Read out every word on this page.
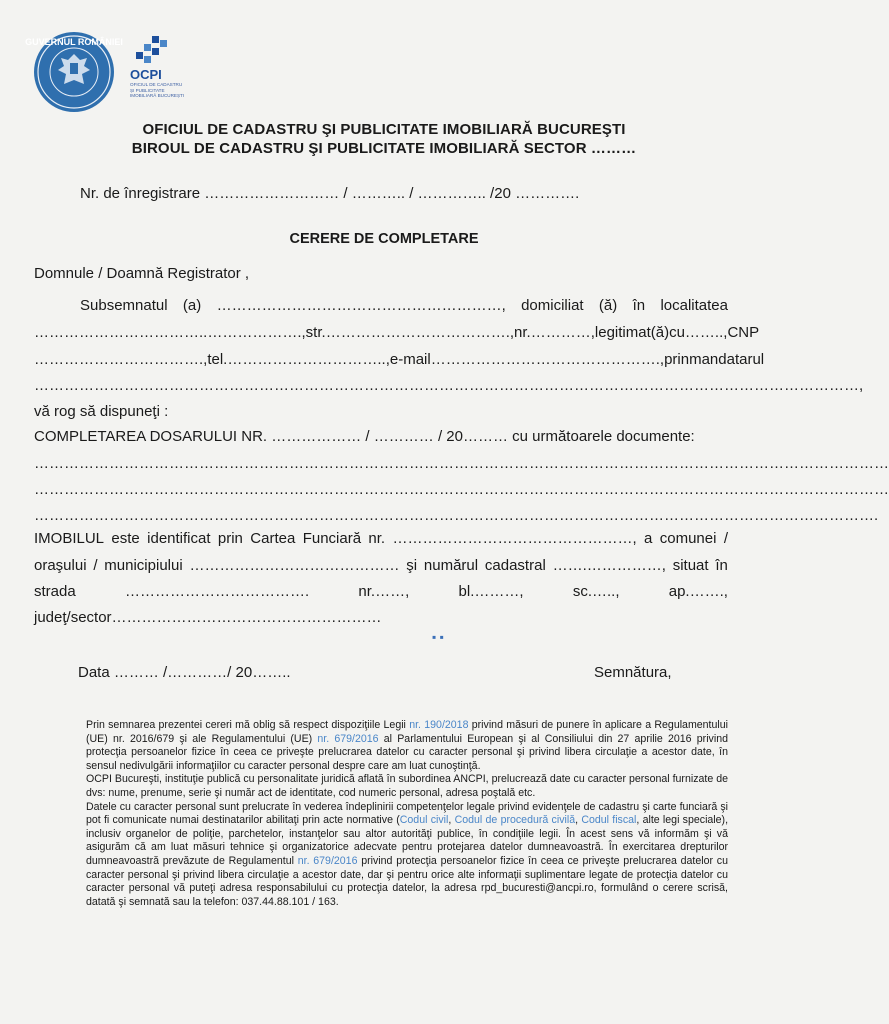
GUVERNUL ROMÂNIEI
OCPI
OFICIUL DE CADASTRU ȘI PUBLICITATE IMOBILIARĂ BUCUREȘTI
OFICIUL DE CADASTRU ŞI PUBLICITATE IMOBILIARĂ BUCUREŞTI
BIROUL DE CADASTRU ŞI PUBLICITATE IMOBILIARĂ SECTOR ………
Nr. de înregistrare ……………………… / ……….. / ………….. /20 ………….
CERERE DE COMPLETARE
Domnule / Doamnă Registrator ,
Subsemnatul (a) …………………………………………………, domiciliat (ă) în localitatea
……………………………..………………., str. ………………………………., nr. …………, legitimat(ă) cu …….., CNP
……………………………., tel. ………………………….., e-mail………………………………………., prin mandatarul
…………………………………………………………………………………………………………………………………………………,
vă rog să dispuneţi :
COMPLETAREA DOSARULUI NR. ……………… / ………… / 20……… cu următoarele documente:
………………………………………………………………………………………………………………………………………………………
………………………………………………………………………………………………………………………………………………………
…………………………………………………………………………………………………………………………………………………….
IMOBILUL este identificat prin Cartea Funciară nr. …………………………………………, a comunei /
oraşului / municipiului …………………………………… şi numărul cadastral …….……………, situat în
strada	……………………………….	nr.……,	bl.………,	sc.…..,	ap.…….,
judeţ/sector………………………………………………
▪ ▪
Data ……… /…………/ 20……..	Semnătura,

Prin semnarea prezentei cereri mă oblig să respect dispoziţiile Legii nr. 190/2018 privind măsuri de punere în aplicare a Regulamentului (UE) nr. 2016/679 şi ale Regulamentului (UE) nr. 679/2016 al Parlamentului European şi al Consiliului din 27 aprilie 2016 privind protecţia persoanelor fizice în ceea ce priveşte prelucrarea datelor cu caracter personal şi privind libera circulaţie a acestor date, în sensul nedivulgării informaţiilor cu caracter personal despre care am luat cunoştinţă.

OCPI Bucureşti, instituţie publică cu personalitate juridică aflată în subordinea ANCPI, prelucrează date cu caracter personal furnizate de dvs: nume, prenume, serie şi număr act de identitate, cod numeric personal, adresa poştală etc.

Datele cu caracter personal sunt prelucrate în vederea îndeplinirii competenţelor legale privind evidenţele de cadastru şi carte funciară şi pot fi comunicate numai destinatarilor abilitaţi prin acte normative (Codul civil, Codul de procedură civilă, Codul fiscal, alte legi speciale), inclusiv organelor de poliţie, parchetelor, instanţelor sau altor autorităţi publice, în condiţiile legii. În acest sens vă informăm şi vă asigurăm că am luat măsuri tehnice şi organizatorice adecvate pentru protejarea datelor dumneavoastră. În exercitarea drepturilor dumneavoastră prevăzute de Regulamentul nr. 679/2016 privind protecţia persoanelor fizice în ceea ce priveşte prelucrarea datelor cu caracter personal şi privind libera circulaţie a acestor date, dar şi pentru orice alte informaţii suplimentare legate de protecţia datelor cu caracter personal vă puteţi adresa responsabilului cu protecţia datelor, la adresa rpd_bucuresti@ancpi.ro, formulând o cerere scrisă, datată şi semnată sau la telefon: 037.44.88.101 / 163.
